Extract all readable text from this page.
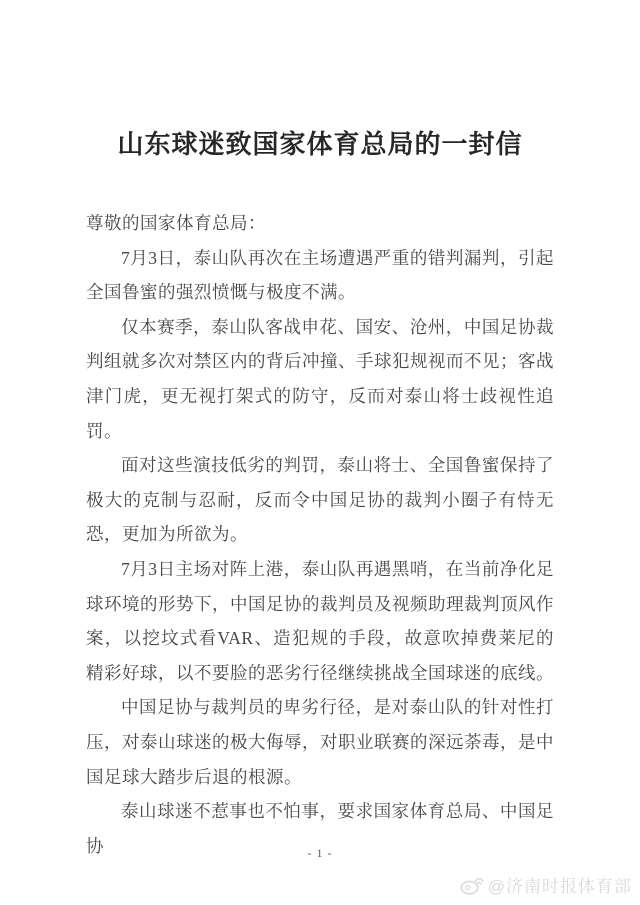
山东球迷致国家体育总局的一封信

尊敬的国家体育总局：

7月3日，泰山队再次在主场遭遇严重的错判漏判，引起全国鲁蜜的强烈愤慨与极度不满。

仅本赛季，泰山队客战申花、国安、沧州，中国足协裁判组就多次对禁区内的背后冲撞、手球犯规视而不见；客战津门虎，更无视打架式的防守，反而对泰山将士歧视性追罚。

面对这些演技低劣的判罚，泰山将士、全国鲁蜜保持了极大的克制与忍耐，反而令中国足协的裁判小圈子有恃无恐，更加为所欲为。

7月3日主场对阵上港，泰山队再遇黑哨，在当前净化足球环境的形势下，中国足协的裁判员及视频助理裁判顶风作案，以挖坟式看VAR、造犯规的手段，故意吹掉费莱尼的精彩好球，以不要脸的恶劣行径继续挑战全国球迷的底线。

中国足协与裁判员的卑劣行径，是对泰山队的针对性打压，对泰山球迷的极大侮辱，对职业联赛的深远荼毒，是中国足球大踏步后退的根源。

泰山球迷不惹事也不怕事，要求国家体育总局、中国足协	- 1 -
@济南时报体育部
